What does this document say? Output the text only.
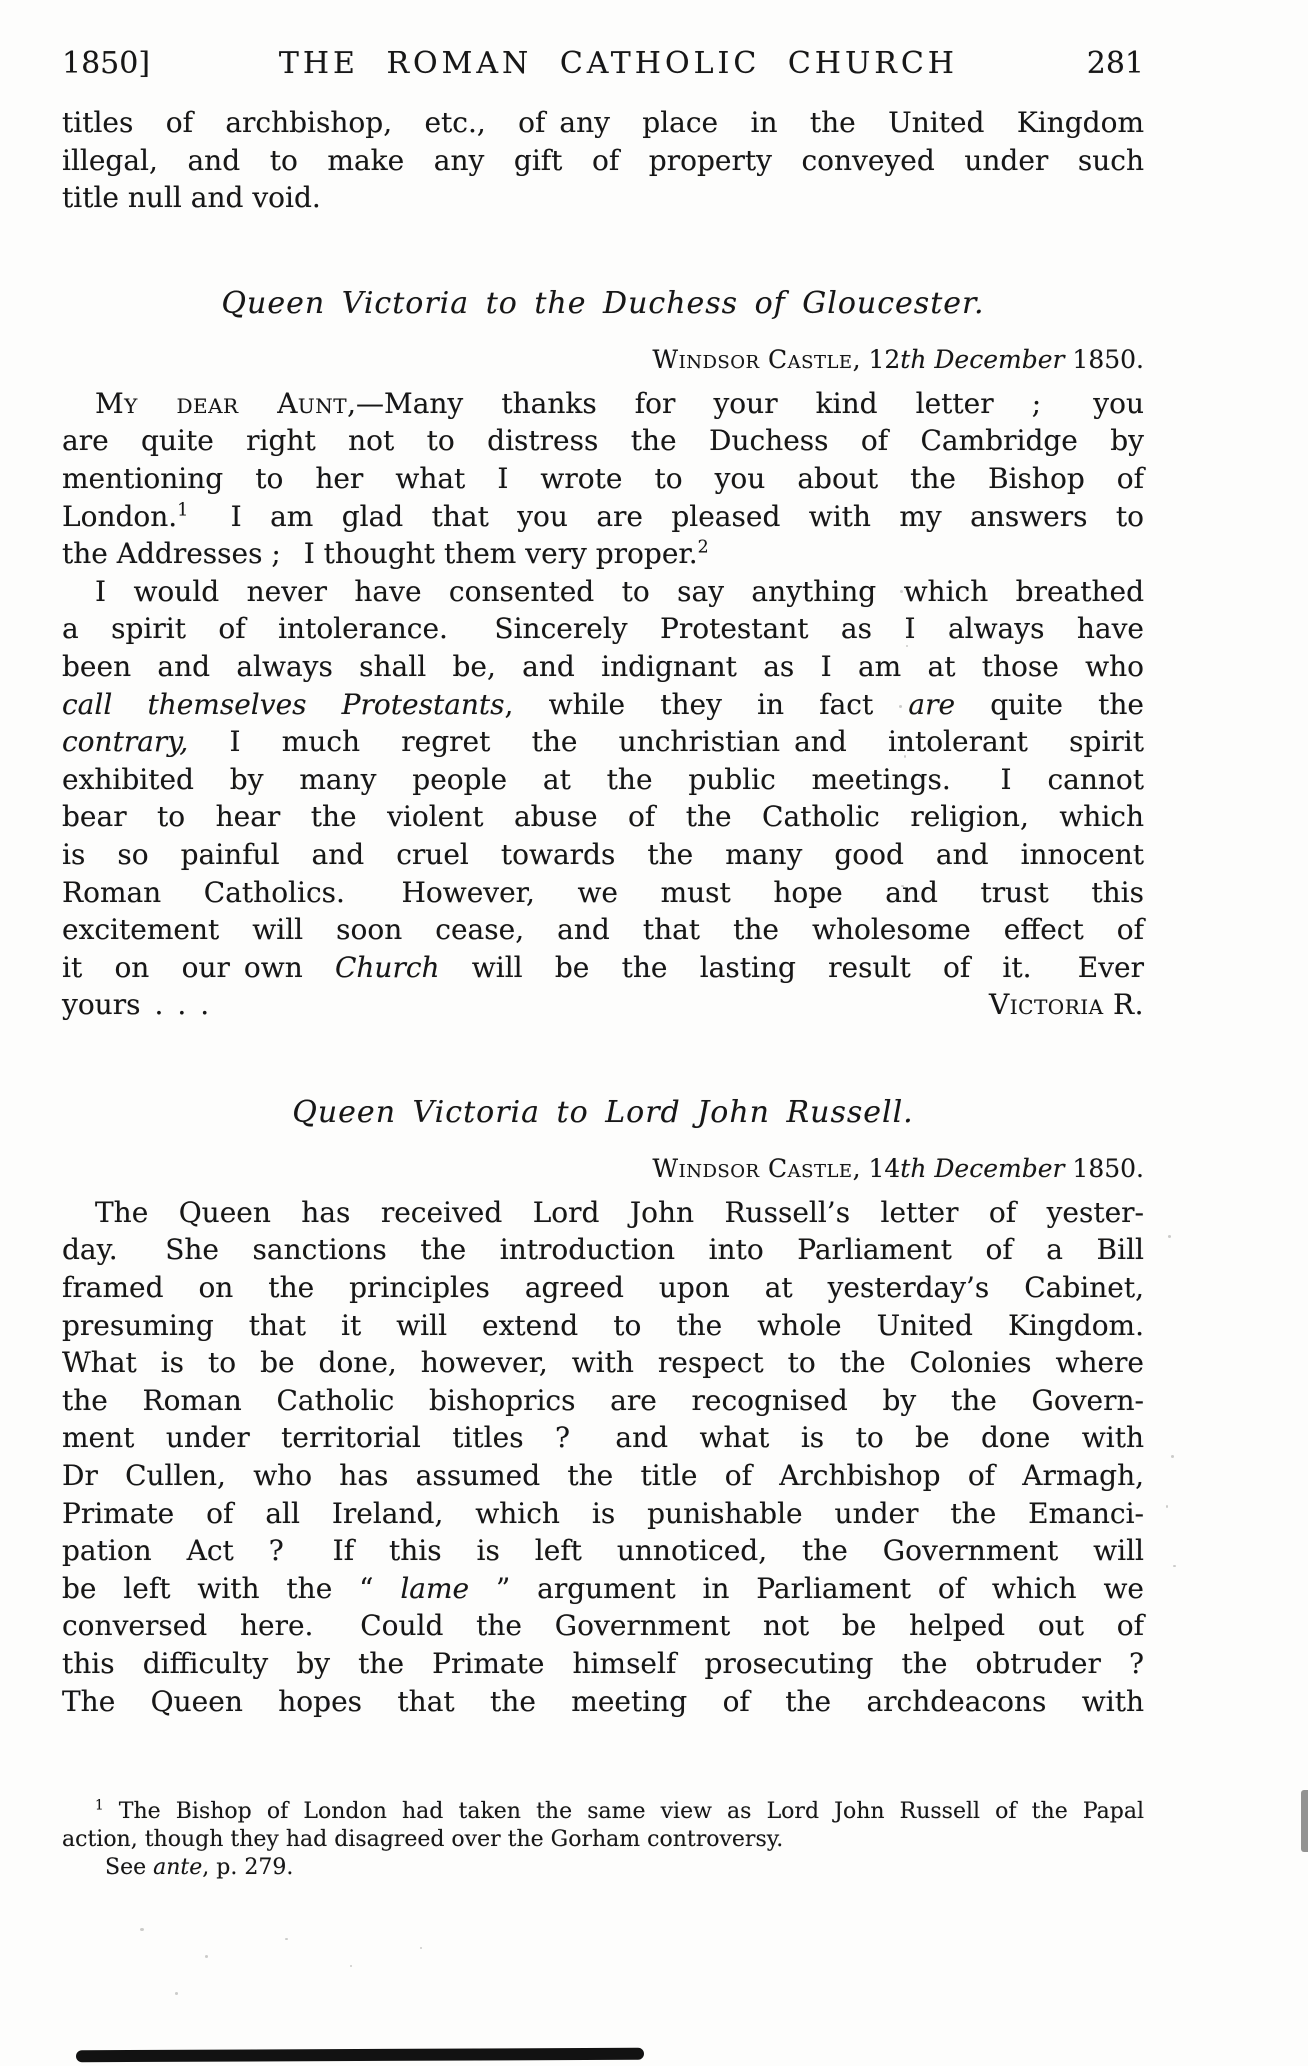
1850]	THE ROMAN CATHOLIC CHURCH	281
titles of archbishop, etc., of any place in the United Kingdom
illegal, and to make any gift of property conveyed under such
title null and void.
Queen Victoria to the Duchess of Gloucester.
Windsor Castle, 12th December 1850.
My dear Aunt,—Many thanks for your kind letter ;  you
are quite right not to distress the Duchess of Cambridge by
mentioning to her what I wrote to you about the Bishop of
London.$^1$  I am glad that you are pleased with my answers to
the Addresses ;  I thought them very proper.$^2$
I would never have consented to say anything which breathed
a spirit of intolerance.  Sincerely Protestant as I always have
been and always shall be, and indignant as I am at those who
call themselves Protestants, while they in fact are quite the
contrary, I much regret the unchristian and intolerant spirit
exhibited by many people at the public meetings.  I cannot
bear to hear the violent abuse of the Catholic religion, which
is so painful and cruel towards the many good and innocent
Roman Catholics.  However, we must hope and trust this
excitement will soon cease, and that the wholesome effect of
it on our own Church will be the lasting result of it.  Ever
yours . . .	Victoria R.
Queen Victoria to Lord John Russell.
Windsor Castle, 14th December 1850.
The Queen has received Lord John Russell’s letter of yester-
day.  She sanctions the introduction into Parliament of a Bill
framed on the principles agreed upon at yesterday’s Cabinet,
presuming that it will extend to the whole United Kingdom.
What is to be done, however, with respect to the Colonies where
the Roman Catholic bishoprics are recognised by the Govern-
ment under territorial titles ?  and what is to be done with
Dr Cullen, who has assumed the title of Archbishop of Armagh,
Primate of all Ireland, which is punishable under the Emanci-
pation Act ?  If this is left unnoticed, the Government will
be left with the “ lame ” argument in Parliament of which we
conversed here.  Could the Government not be helped out of
this difficulty by the Primate himself prosecuting the obtruder ?
The Queen hopes that the meeting of the archdeacons with
$^1$ The Bishop of London had taken the same view as Lord John Russell of the Papal
action, though they had disagreed over the Gorham controversy.
See ante, p. 279.
